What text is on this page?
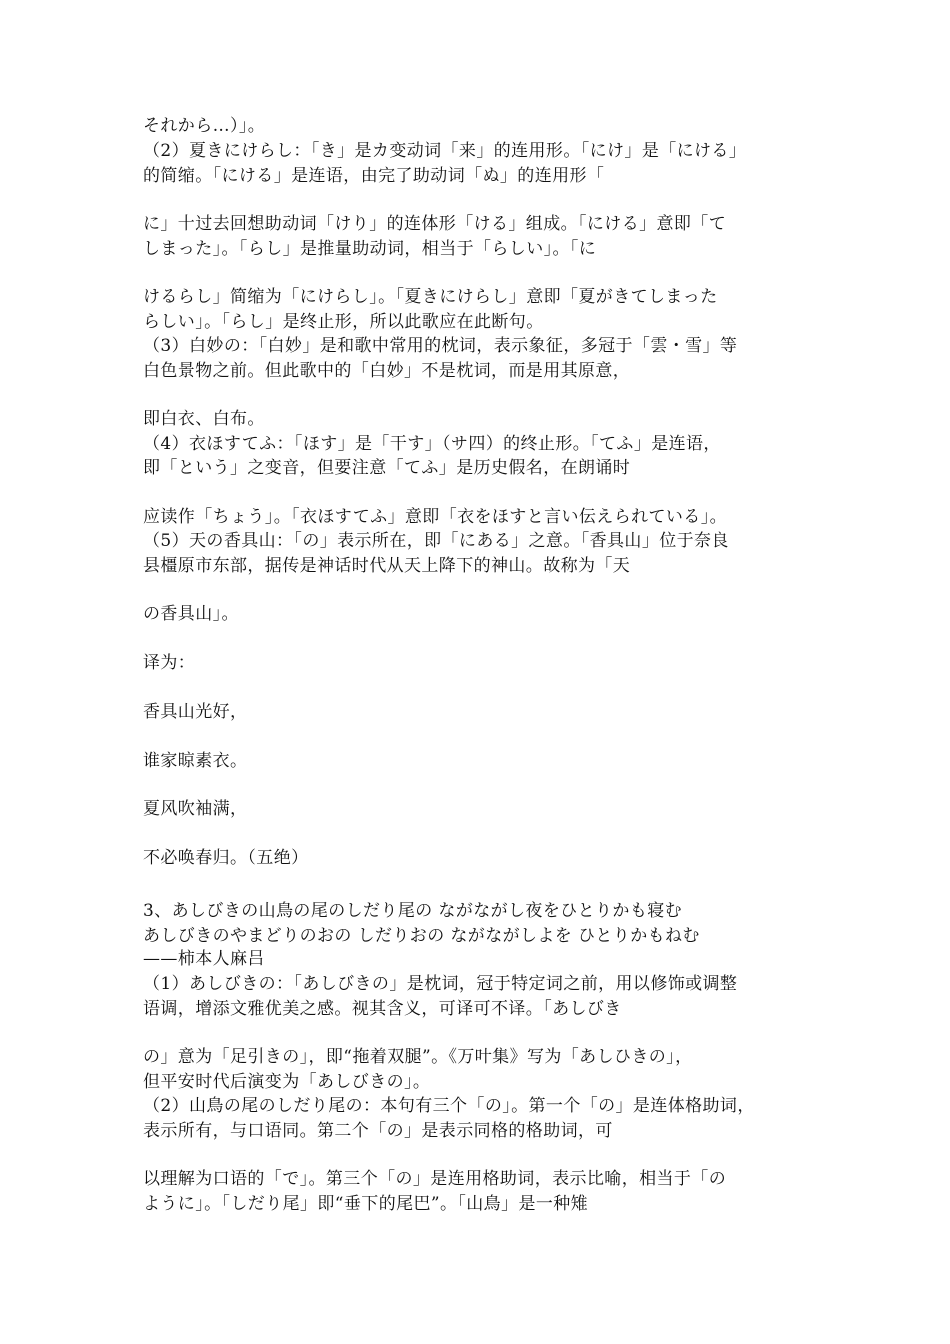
それから…）」。
（2）夏きにけらし：「き」是カ变动词「来」的连用形。「にけ」是「にける」
的简缩。「にける」是连语，由完了助动词「ぬ」的连用形「
に」十过去回想助动词「けり」的连体形「ける」组成。「にける」意即「て
しまった」。「らし」是推量助动词，相当于「らしい」。「に
けるらし」简缩为「にけらし」。「夏きにけらし」意即「夏がきてしまった
らしい」。「らし」是终止形，所以此歌应在此断句。
（3）白妙の：「白妙」是和歌中常用的枕词，表示象征，多冠于「雲・雪」等
白色景物之前。但此歌中的「白妙」不是枕词，而是用其原意，
即白衣、白布。
（4）衣ほすてふ：「ほす」是「干す」（サ四）的终止形。「てふ」是连语，
即「という」之变音，但要注意「てふ」是历史假名，在朗诵时
应读作「ちょう」。「衣ほすてふ」意即「衣をほすと言い伝えられている」。
（5）天の香具山：「の」表示所在，即「にある」之意。「香具山」位于奈良
县橿原市东部，据传是神话时代从天上降下的神山。故称为「天
の香具山」。
译为：
香具山光好，
谁家晾素衣。
夏风吹袖满，
不必唤春归。（五绝）
3、あしびきの山鳥の尾のしだり尾の ながながし夜をひとりかも寝む
あしびきのやまどりのおの しだりおの ながながしよを ひとりかもねむ
——柿本人麻吕
（1）あしびきの：「あしびきの」是枕词，冠于特定词之前，用以修饰或调整
语调，增添文雅优美之感。视其含义，可译可不译。「あしびき
の」意为「足引きの」，即“拖着双腿”。《万叶集》写为「あしひきの」，
但平安时代后演变为「あしびきの」。
（2）山鳥の尾のしだり尾の：本句有三个「の」。第一个「の」是连体格助词，
表示所有，与口语同。第二个「の」是表示同格的格助词，可
以理解为口语的「で」。第三个「の」是连用格助词，表示比喻，相当于「の
ように」。「しだり尾」即“垂下的尾巴”。「山鳥」是一种雉
